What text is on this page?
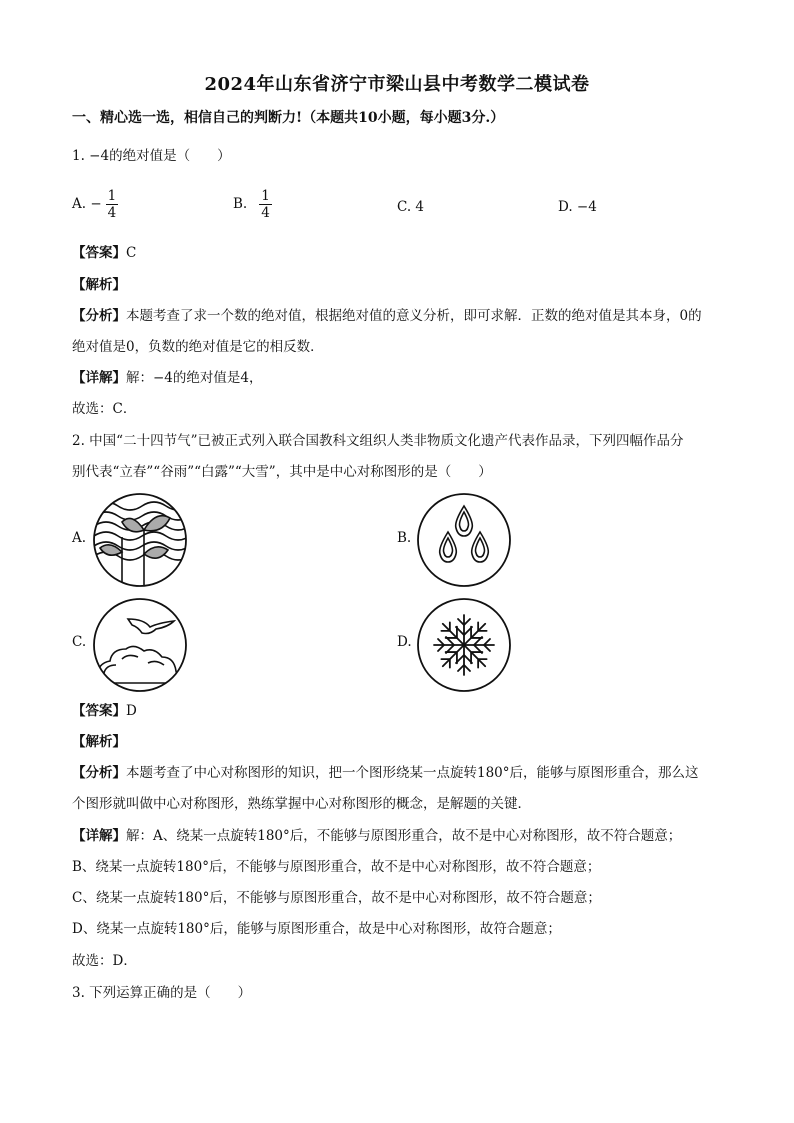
2024年山东省济宁市梁山县中考数学二模试卷
一、精心选一选，相信自己的判断力!（本题共10小题，每小题3分.）
1. −4的绝对值是（　　）
A. − $\frac{1}{4}$	B. $\frac{1}{4}$	C. 4	D. −4
【答案】C
【解析】
【分析】本题考查了求一个数的绝对值，根据绝对值的意义分析，即可求解．正数的绝对值是其本身，0的
绝对值是0，负数的绝对值是它的相反数．
【详解】解：−4的绝对值是4，
故选：C．
2. 中国“二十四节气”已被正式列入联合国教科文组织人类非物质文化遗产代表作品录，下列四幅作品分
别代表“立春”“谷雨”“白露”“大雪”，其中是中心对称图形的是（　　）
A.	B.
C.	D.
【答案】D
【解析】
【分析】本题考查了中心对称图形的知识，把一个图形绕某一点旋转180°后，能够与原图形重合，那么这
个图形就叫做中心对称图形，熟练掌握中心对称图形的概念，是解题的关键．
【详解】解：A、绕某一点旋转180°后，不能够与原图形重合，故不是中心对称图形，故不符合题意；
B、绕某一点旋转180°后，不能够与原图形重合，故不是中心对称图形，故不符合题意；
C、绕某一点旋转180°后，不能够与原图形重合，故不是中心对称图形，故不符合题意；
D、绕某一点旋转180°后，能够与原图形重合，故是中心对称图形，故符合题意；
故选：D．
3. 下列运算正确的是（　　）
